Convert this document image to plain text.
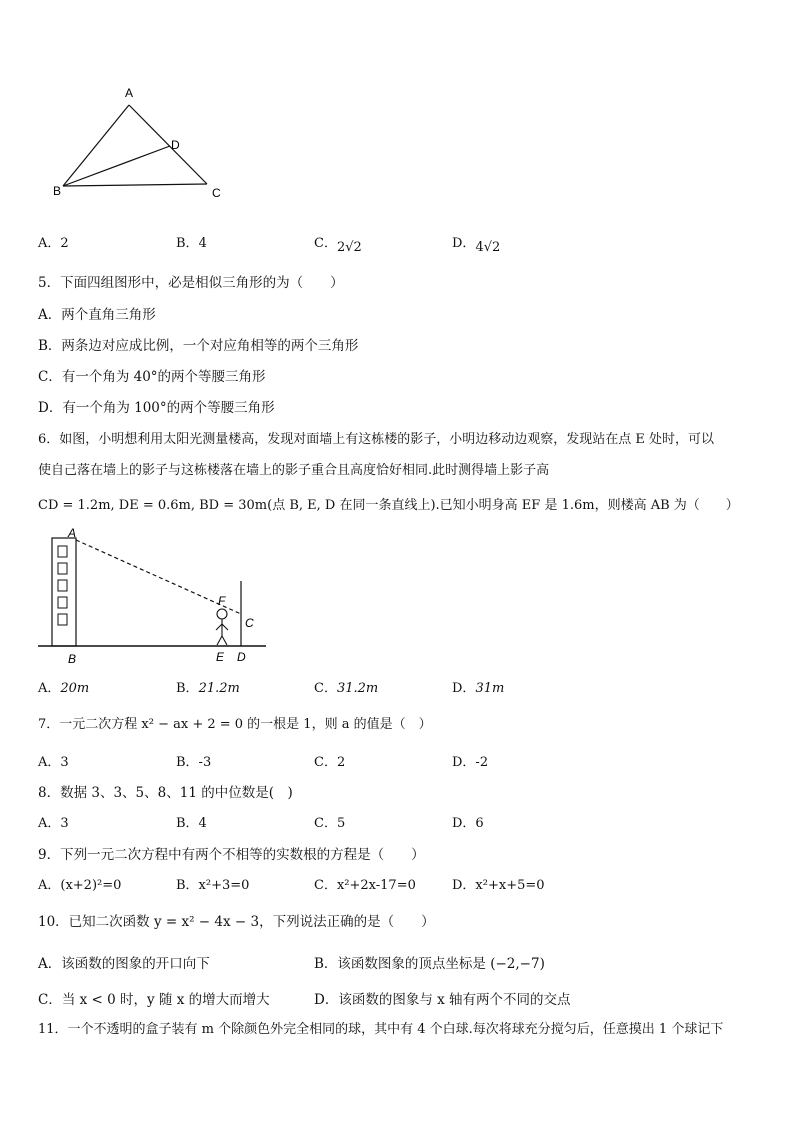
A
D
B	C
A．2	B．4	C．2√2	D．4√2
5．下面四组图形中，必是相似三角形的为（　　）
A．两个直角三角形
B．两条边对应成比例，一个对应角相等的两个三角形
C．有一个角为 40°的两个等腰三角形
D．有一个角为 100°的两个等腰三角形
6．如图，小明想利用太阳光测量楼高，发现对面墙上有这栋楼的影子，小明边移动边观察，发现站在点 E 处时，可以
使自己落在墙上的影子与这栋楼落在墙上的影子重合且高度恰好相同.此时测得墙上影子高
CD = 1.2m, DE = 0.6m, BD = 30m(点 B, E, D 在同一条直线上).已知小明身高 EF 是 1.6m，则楼高 AB 为（　　）
A
F
C
B	E D
A．20m	B．21.2m	C．31.2m	D．31m
7．一元二次方程 x² − ax + 2 = 0 的一根是 1，则 a 的值是（　）
A．3	B．-3	C．2	D．-2
8．数据 3、3、5、8、11 的中位数是(　)
A．3	B．4	C．5	D．6
9．下列一元二次方程中有两个不相等的实数根的方程是（　　）
A．(x+2)²=0	B．x²+3=0	C．x²+2x-17=0	D．x²+x+5=0
10．已知二次函数 y = x² − 4x − 3，下列说法正确的是（　　）
A．该函数的图象的开口向下	B．该函数图象的顶点坐标是 (−2,−7)
C．当 x < 0 时，y 随 x 的增大而增大	D．该函数的图象与 x 轴有两个不同的交点
11．一个不透明的盒子装有 m 个除颜色外完全相同的球，其中有 4 个白球.每次将球充分搅匀后，任意摸出 1 个球记下
